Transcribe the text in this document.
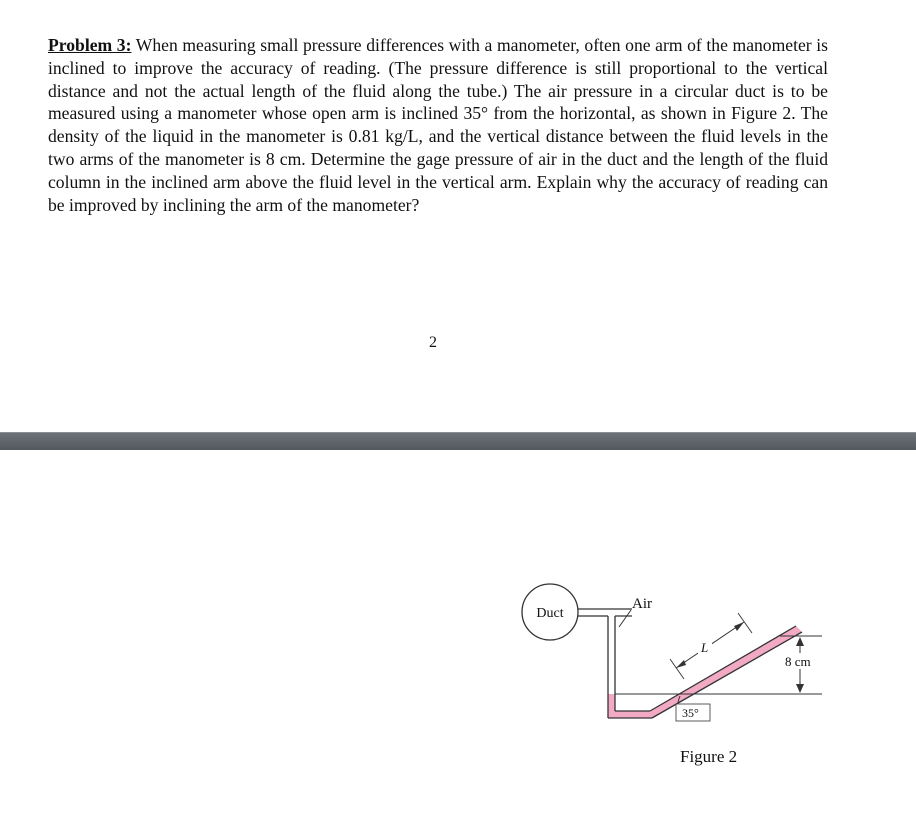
Problem 3: When measuring small pressure differences with a manometer, often one arm of the manometer is inclined to improve the accuracy of reading. (The pressure difference is still proportional to the vertical distance and not the actual length of the fluid along the tube.) The air pressure in a circular duct is to be measured using a manometer whose open arm is inclined 35° from the horizontal, as shown in Figure 2. The density of the liquid in the manometer is 0.81 kg/L, and the vertical distance between the fluid levels in the two arms of the manometer is 8 cm. Determine the gage pressure of air in the duct and the length of the fluid column in the inclined arm above the fluid level in the vertical arm. Explain why the accuracy of reading can be improved by inclining the arm of the manometer?

2
Duct
Air
L
35°
8 cm
Figure 2
